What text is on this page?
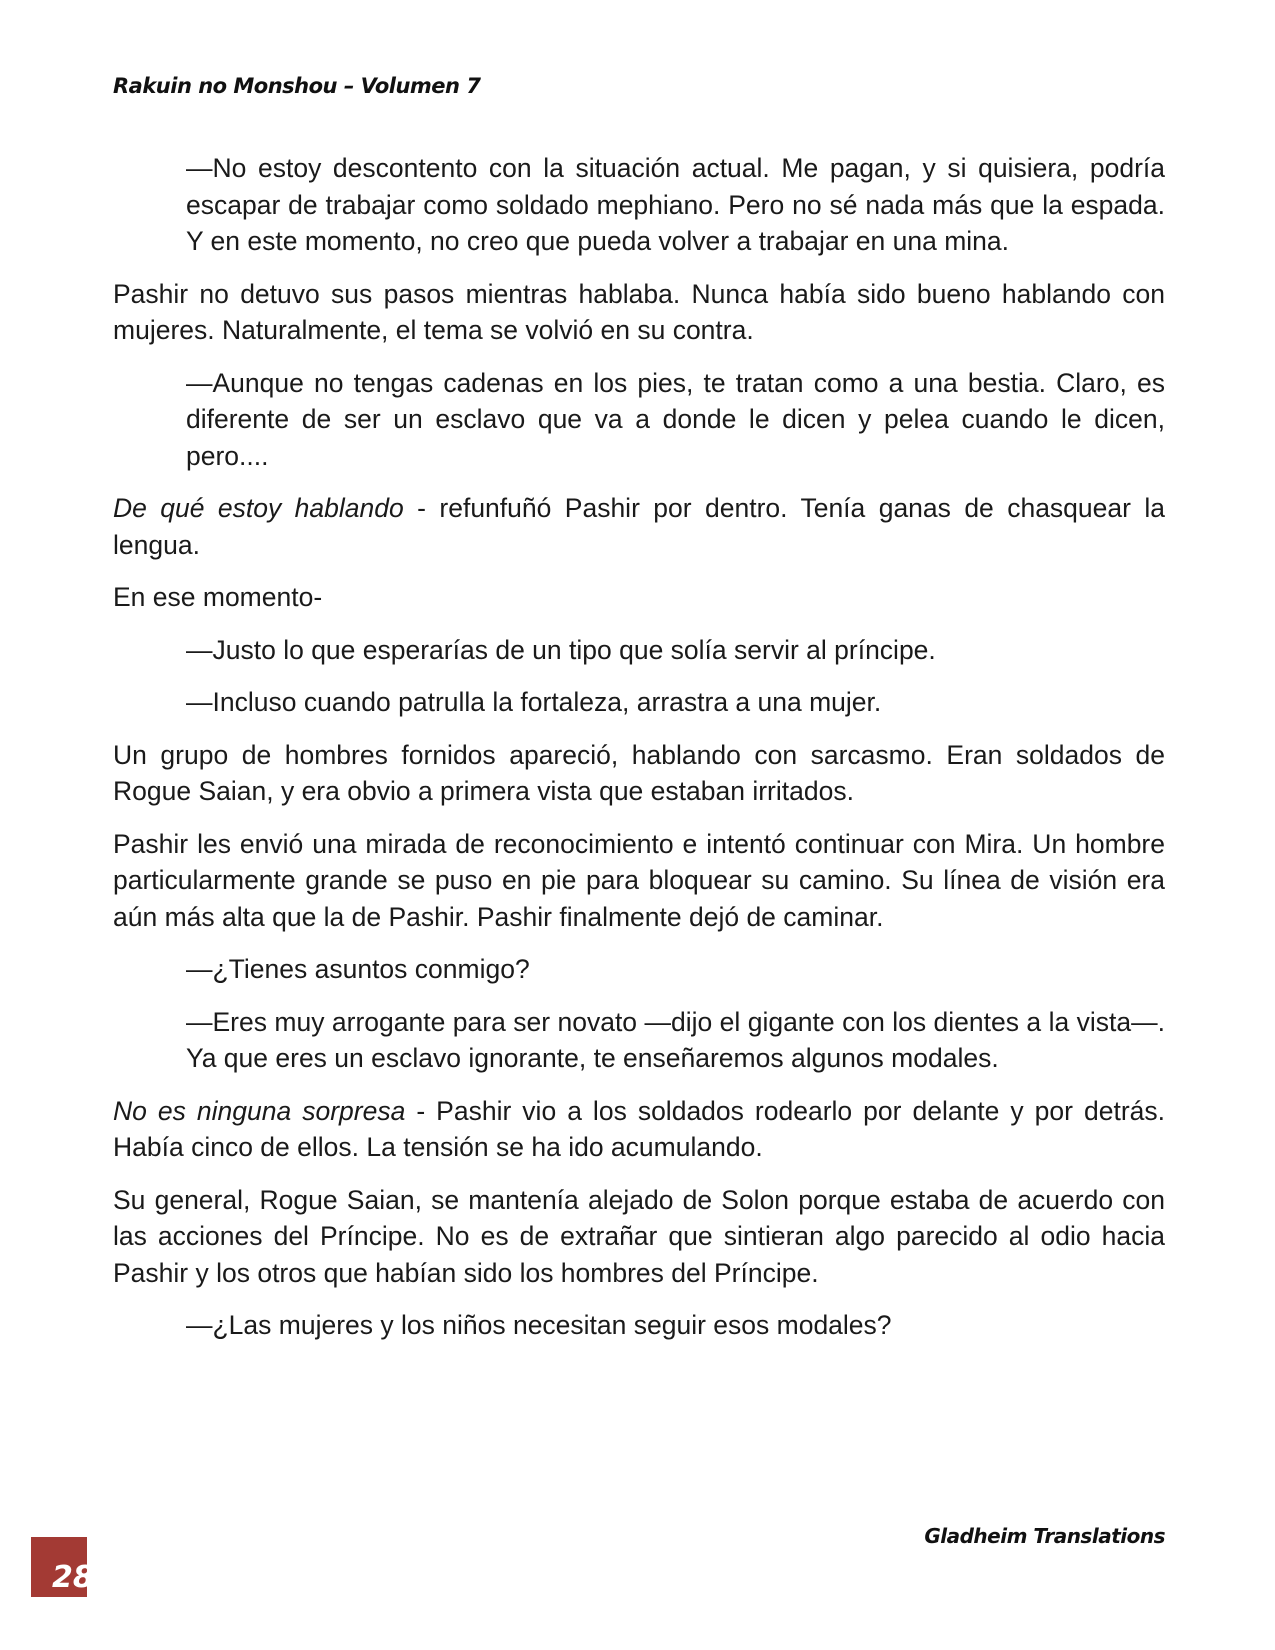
Rakuin no Monshou – Volumen 7

—No estoy descontento con la situación actual. Me pagan, y si quisiera, podría escapar de trabajar como soldado mephiano. Pero no sé nada más que la espada. Y en este momento, no creo que pueda volver a trabajar en una mina.

Pashir no detuvo sus pasos mientras hablaba. Nunca había sido bueno hablando con mujeres. Naturalmente, el tema se volvió en su contra.

—Aunque no tengas cadenas en los pies, te tratan como a una bestia. Claro, es diferente de ser un esclavo que va a donde le dicen y pelea cuando le dicen, pero....

De qué estoy hablando - refunfuñó Pashir por dentro. Tenía ganas de chasquear la lengua.

En ese momento-

—Justo lo que esperarías de un tipo que solía servir al príncipe.

—Incluso cuando patrulla la fortaleza, arrastra a una mujer.

Un grupo de hombres fornidos apareció, hablando con sarcasmo. Eran soldados de Rogue Saian, y era obvio a primera vista que estaban irritados.

Pashir les envió una mirada de reconocimiento e intentó continuar con Mira. Un hombre particularmente grande se puso en pie para bloquear su camino. Su línea de visión era aún más alta que la de Pashir. Pashir finalmente dejó de caminar.

—¿Tienes asuntos conmigo?

—Eres muy arrogante para ser novato —dijo el gigante con los dientes a la vista—. Ya que eres un esclavo ignorante, te enseñaremos algunos modales.

No es ninguna sorpresa - Pashir vio a los soldados rodearlo por delante y por detrás. Había cinco de ellos. La tensión se ha ido acumulando.

Su general, Rogue Saian, se mantenía alejado de Solon porque estaba de acuerdo con las acciones del Príncipe. No es de extrañar que sintieran algo parecido al odio hacia Pashir y los otros que habían sido los hombres del Príncipe.

—¿Las mujeres y los niños necesitan seguir esos modales?

Gladheim Translations
28
